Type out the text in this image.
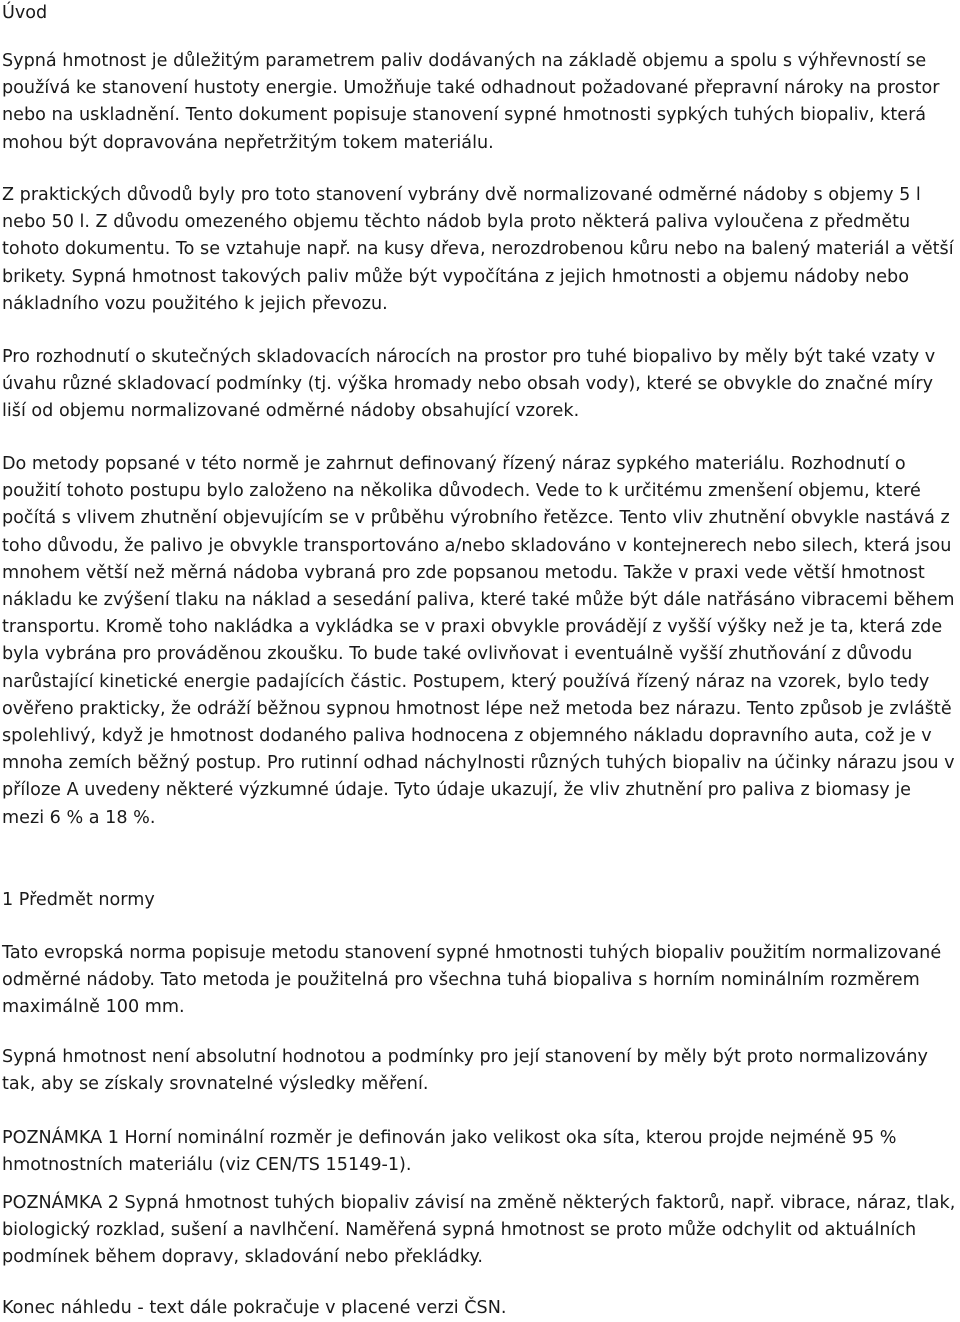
Úvod

Sypná hmotnost je důležitým parametrem paliv dodávaných na základě objemu a spolu s výhřevností se používá ke stanovení hustoty energie. Umožňuje také odhadnout požadované přepravní nároky na prostor nebo na uskladnění. Tento dokument popisuje stanovení sypné hmotnosti sypkých tuhých biopaliv, která mohou být dopravována nepřetržitým tokem materiálu.

Z praktických důvodů byly pro toto stanovení vybrány dvě normalizované odměrné nádoby s objemy 5 l nebo 50 l. Z důvodu omezeného objemu těchto nádob byla proto některá paliva vyloučena z předmětu tohoto dokumentu. To se vztahuje např. na kusy dřeva, nerozdrobenou kůru nebo na balený materiál a větší brikety. Sypná hmotnost takových paliv může být vypočítána z jejich hmotnosti a objemu nádoby nebo nákladního vozu použitého k jejich převozu.

Pro rozhodnutí o skutečných skladovacích nárocích na prostor pro tuhé biopalivo by měly být také vzaty v úvahu různé skladovací podmínky (tj. výška hromady nebo obsah vody), které se obvykle do značné míry liší od objemu normalizované odměrné nádoby obsahující vzorek.

Do metody popsané v této normě je zahrnut definovaný řízený náraz sypkého materiálu. Rozhodnutí o použití tohoto postupu bylo založeno na několika důvodech. Vede to k určitému zmenšení objemu, které počítá s vlivem zhutnění objevujícím se v průběhu výrobního řetězce. Tento vliv zhutnění obvykle nastává z toho důvodu, že palivo je obvykle transportováno a/nebo skladováno v kontejnerech nebo silech, která jsou mnohem větší než měrná nádoba vybraná pro zde popsanou metodu. Takže v praxi vede větší hmotnost nákladu ke zvýšení tlaku na náklad a sesedání paliva, které také může být dále natřásáno vibracemi během transportu. Kromě toho nakládka a vykládka se v praxi obvykle provádějí z vyšší výšky než je ta, která zde byla vybrána pro prováděnou zkoušku. To bude také ovlivňovat i eventuálně vyšší zhutňování z důvodu narůstající kinetické energie padajících částic. Postupem, který používá řízený náraz na vzorek, bylo tedy ověřeno prakticky, že odráží běžnou sypnou hmotnost lépe než metoda bez nárazu. Tento způsob je zvláště spolehlivý, když je hmotnost dodaného paliva hodnocena z objemného nákladu dopravního auta, což je v mnoha zemích běžný postup. Pro rutinní odhad náchylnosti různých tuhých biopaliv na účinky nárazu jsou v příloze A uvedeny některé výzkumné údaje. Tyto údaje ukazují, že vliv zhutnění pro paliva z biomasy je mezi 6 % a 18 %.

1 Předmět normy

Tato evropská norma popisuje metodu stanovení sypné hmotnosti tuhých biopaliv použitím normalizované odměrné nádoby. Tato metoda je použitelná pro všechna tuhá biopaliva s horním nominálním rozměrem maximálně 100 mm.

Sypná hmotnost není absolutní hodnotou a podmínky pro její stanovení by měly být proto normalizovány tak, aby se získaly srovnatelné výsledky měření.

POZNÁMKA 1 Horní nominální rozměr je definován jako velikost oka síta, kterou projde nejméně 95 % hmotnostních materiálu (viz CEN/TS 15149-1).

POZNÁMKA 2 Sypná hmotnost tuhých biopaliv závisí na změně některých faktorů, např. vibrace, náraz, tlak, biologický rozklad, sušení a navlhčení. Naměřená sypná hmotnost se proto může odchylit od aktuálních podmínek během dopravy, skladování nebo překládky.

Konec náhledu - text dále pokračuje v placené verzi ČSN.
